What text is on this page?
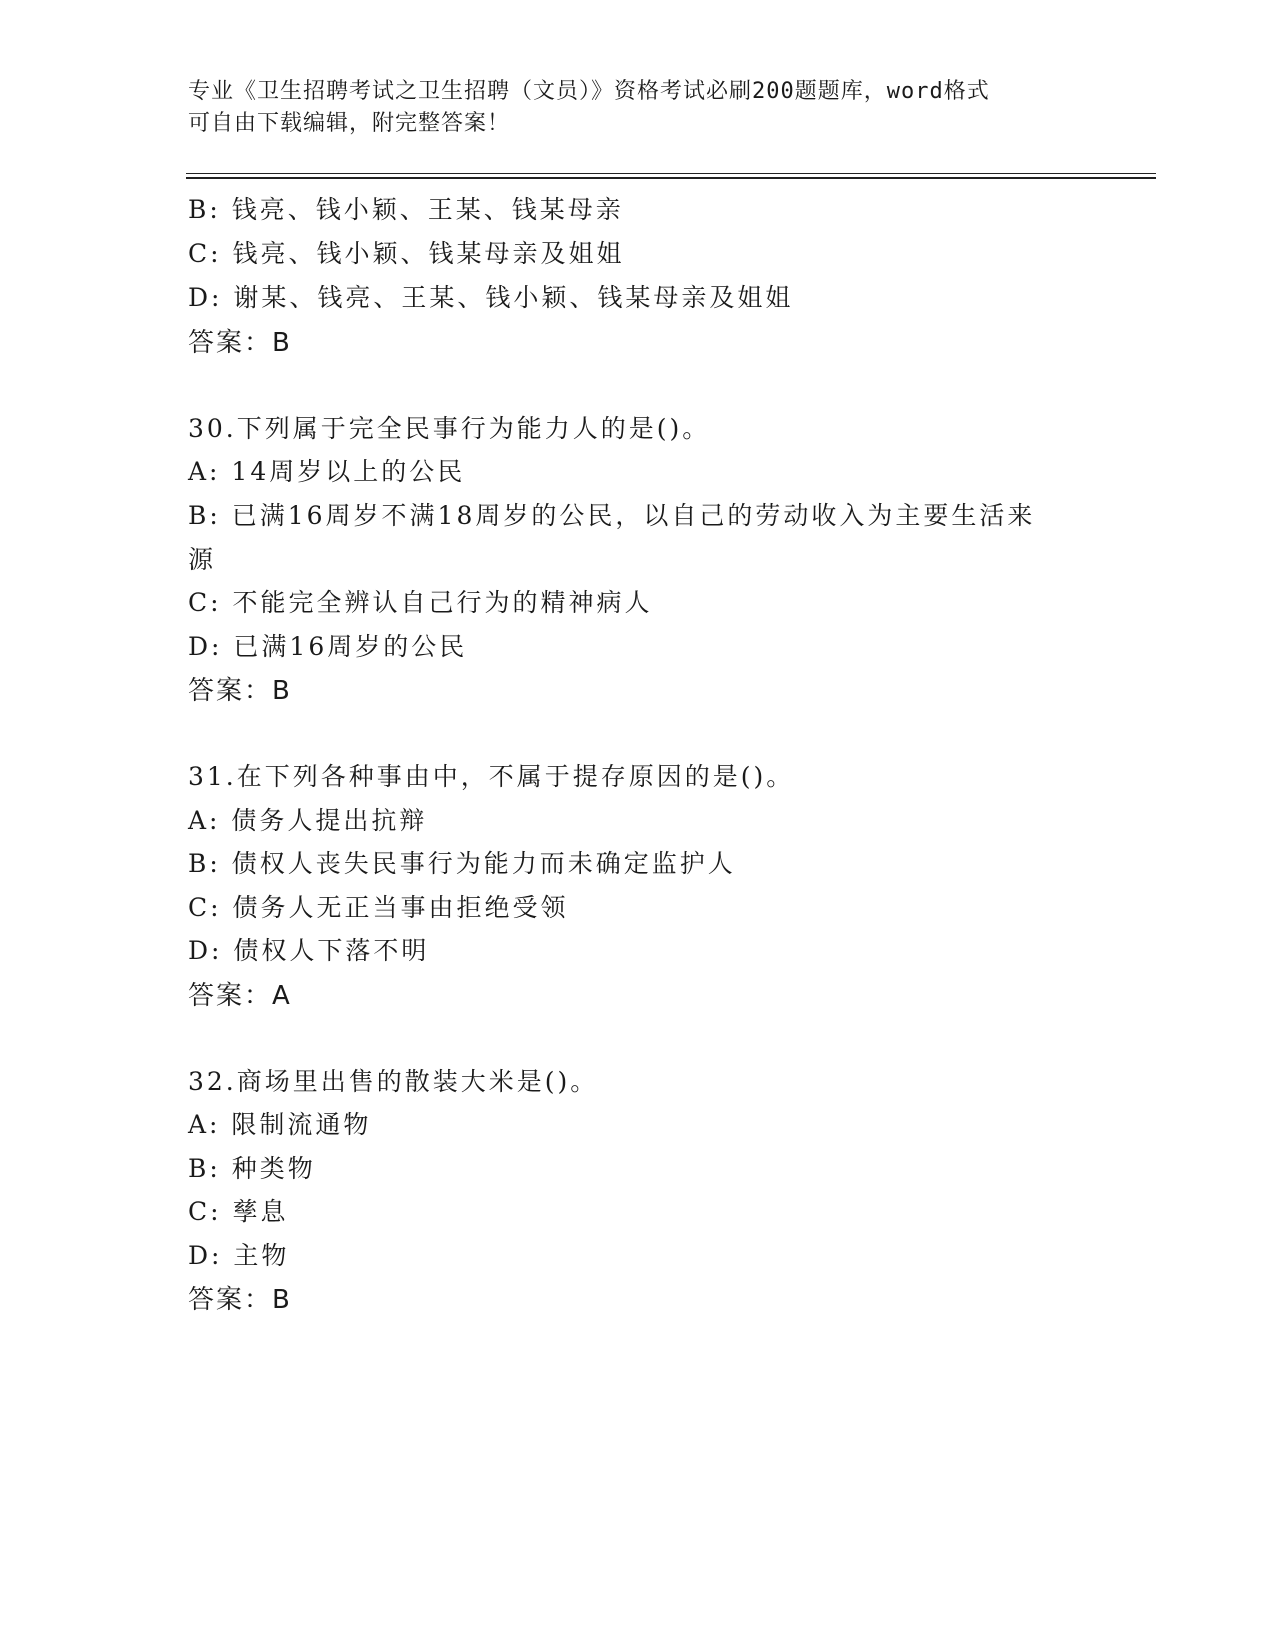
专业《卫生招聘考试之卫生招聘（文员）》资格考试必刷200题题库，word格式
可自由下载编辑，附完整答案！
B: 钱亮、钱小颖、王某、钱某母亲
C: 钱亮、钱小颖、钱某母亲及姐姐
D: 谢某、钱亮、王某、钱小颖、钱某母亲及姐姐
答案：B
30.下列属于完全民事行为能力人的是()。
A: 14周岁以上的公民
B: 已满16周岁不满18周岁的公民，以自己的劳动收入为主要生活来
源
C: 不能完全辨认自己行为的精神病人
D: 已满16周岁的公民
答案：B
31.在下列各种事由中，不属于提存原因的是()。
A: 债务人提出抗辩
B: 债权人丧失民事行为能力而未确定监护人
C: 债务人无正当事由拒绝受领
D: 债权人下落不明
答案：A
32.商场里出售的散装大米是()。
A: 限制流通物
B: 种类物
C: 孳息
D: 主物
答案：B
